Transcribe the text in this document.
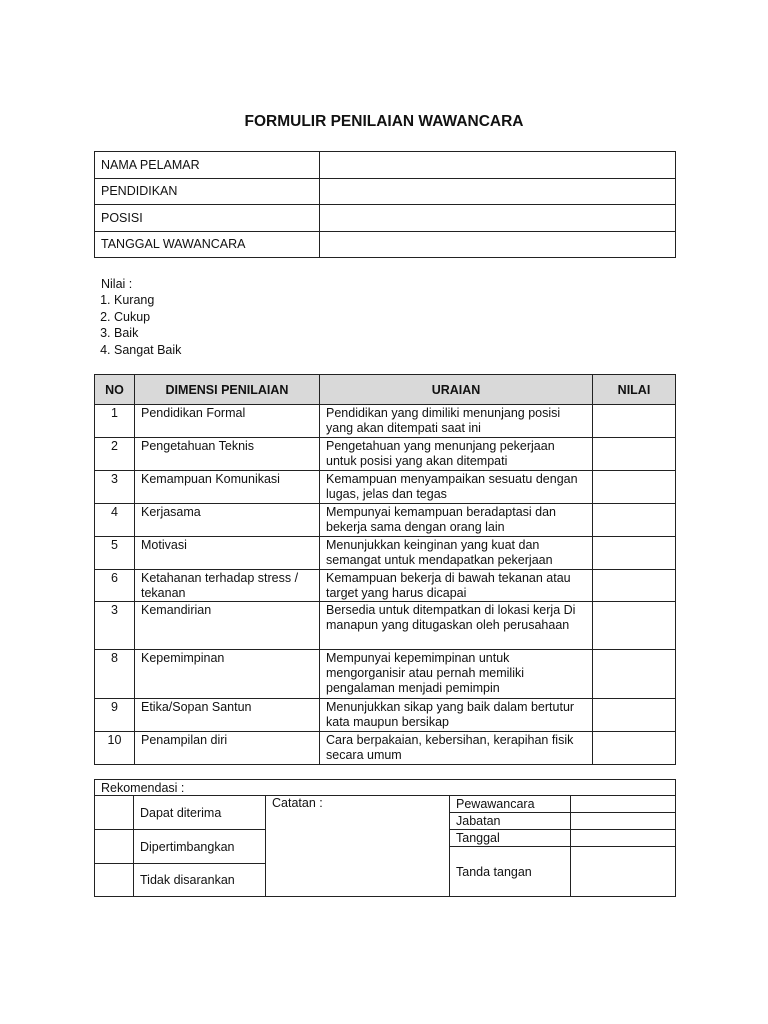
FORMULIR PENILAIAN WAWANCARA
NAMA PELAMAR	
PENDIDIKAN	
POSISI	
TANGGAL WAWANCARA	
Nilai :
1. Kurang
2. Cukup
3. Baik
4. Sangat Baik
NO	DIMENSI PENILAIAN	URAIAN	NILAI
1	Pendidikan Formal	Pendidikan yang dimiliki menunjang posisi yang akan ditempati saat ini	
2	Pengetahuan Teknis	Pengetahuan yang menunjang pekerjaan untuk posisi yang akan ditempati	
3	Kemampuan Komunikasi	Kemampuan menyampaikan sesuatu dengan lugas, jelas dan tegas	
4	Kerjasama	Mempunyai kemampuan beradaptasi dan bekerja sama dengan orang lain	
5	Motivasi	Menunjukkan keinginan yang kuat dan semangat untuk mendapatkan pekerjaan	
6	Ketahanan terhadap stress / tekanan	Kemampuan bekerja di bawah tekanan atau target yang harus dicapai	
3	Kemandirian	Bersedia untuk ditempatkan di lokasi kerja Di manapun yang ditugaskan oleh perusahaan	
8	Kepemimpinan	Mempunyai kepemimpinan untuk mengorganisir atau pernah memiliki pengalaman menjadi pemimpin	
9	Etika/Sopan Santun	Menunjukkan sikap yang baik dalam bertutur kata maupun bersikap	
10	Penampilan diri	Cara berpakaian, kebersihan, kerapihan fisik secara umum	
Rekomendasi :				
	Dapat diterima	Catatan :	Pewawancara	
			Jabatan	
	Dipertimbangkan		Tanggal	
			Tanda tangan	
	Tidak disarankan			
